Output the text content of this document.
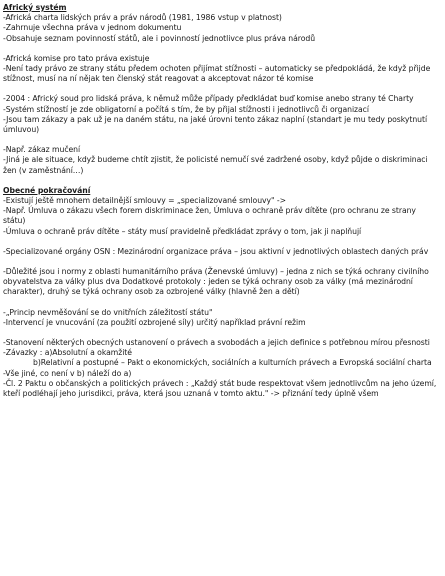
Africký systém
-Africká charta lidských práv a práv národů (1981, 1986 vstup v platnost)
-Zahrnuje všechna práva v jednom dokumentu
-Obsahuje seznam povinností států, ale i povinností jednotlivce plus práva národů
-Africká komise pro tato práva existuje
-Není tady právo ze strany státu předem ochoten přijímat stížnosti – automaticky se předpokládá, že když přijde stížnost, musí na ní nějak ten členský stát reagovat a akceptovat názor té komise
-2004 : Africký soud pro lidská práva, k němuž může případy předkládat buď komise anebo strany té Charty
-Systém stížností je zde obligatorní a počítá s tím, že by přijal stížnosti i jednotlivců či organizací
-Jsou tam zákazy a pak už je na daném státu, na jaké úrovni tento zákaz naplní (standart je mu tedy poskytnutí úmluvou)
-Např. zákaz mučení
-Jiná je ale situace, když budeme chtít zjistit, že policisté nemučí své zadržené osoby, když půjde o diskriminaci žen (v zaměstnání…)
Obecné pokračování
-Existují ještě mnohem detailnější smlouvy = „specializované smlouvy" ->
-Např. Úmluva o zákazu všech forem diskriminace žen, Úmluva o ochraně práv dítěte (pro ochranu ze strany státu)
-Úmluva o ochraně práv dítěte – státy musí pravidelně předkládat zprávy o tom, jak ji naplňují
-Specializované orgány OSN : Mezinárodní organizace práva – jsou aktivní v jednotlivých oblastech daných práv
-Důležité jsou i normy z oblasti humanitárního práva (Ženevské úmluvy) – jedna z nich se týká ochrany civilního obyvatelstva za války plus dva Dodatkové protokoly : jeden se týká ochrany osob za války (má mezinárodní charakter), druhý se týká ochrany osob za ozbrojené války (hlavně žen a dětí)
-„Princip nevměšování se do vnitřních záležitostí státu"
-Intervencí je vnucování (za použití ozbrojené síly) určitý například právní režim
-Stanovení některých obecných ustanovení o právech a svobodách a jejich definice s potřebnou mírou přesnosti
-Závazky : a)Absolutní a okamžité
b)Relativní a postupné – Pakt o ekonomických, sociálních a kulturních právech a Evropská sociální charta
-Vše jiné, co není v b) náleží do a)
-Čl. 2 Paktu o občanských a politických právech : „Každý stát bude respektovat všem jednotlivcům na jeho území, kteří podléhají jeho jurisdikci, práva, která jsou uznaná v tomto aktu." -> přiznání tedy úplně všem
